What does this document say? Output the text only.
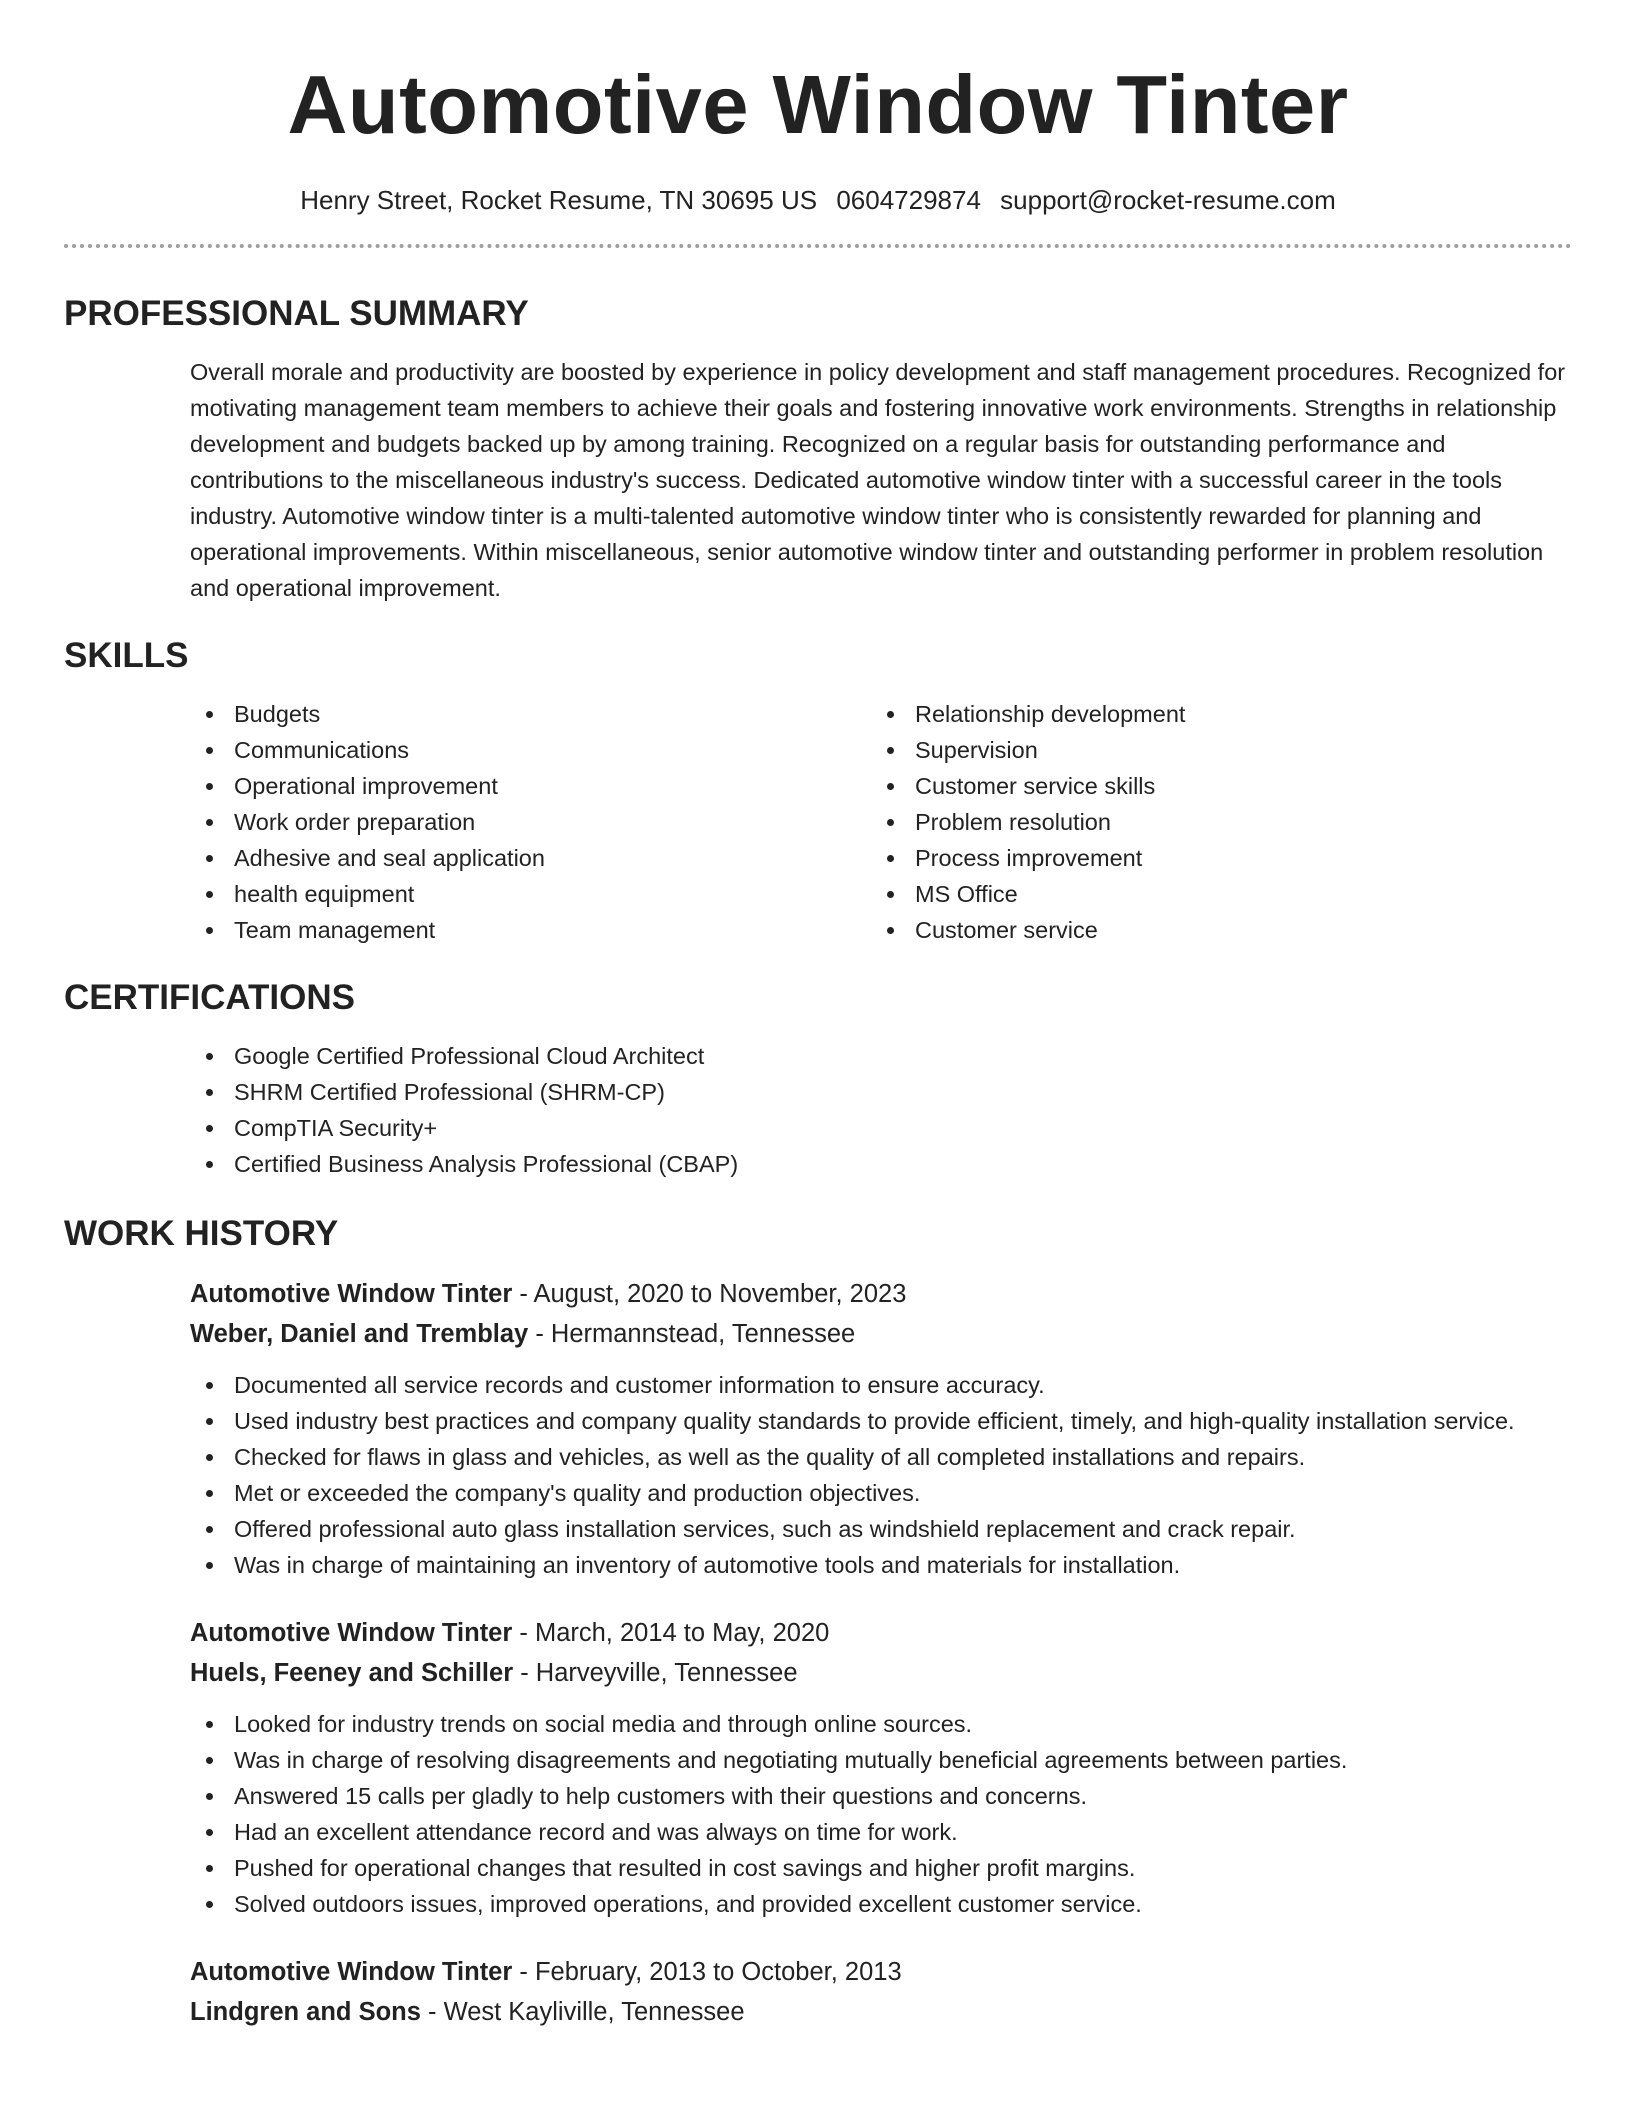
Automotive Window Tinter
Henry Street, Rocket Resume, TN 30695 US 0604729874 support@rocket-resume.com
PROFESSIONAL SUMMARY
Overall morale and productivity are boosted by experience in policy development and staff management procedures. Recognized for motivating management team members to achieve their goals and fostering innovative work environments. Strengths in relationship development and budgets backed up by among training. Recognized on a regular basis for outstanding performance and contributions to the miscellaneous industry's success. Dedicated automotive window tinter with a successful career in the tools industry. Automotive window tinter is a multi-talented automotive window tinter who is consistently rewarded for planning and operational improvements. Within miscellaneous, senior automotive window tinter and outstanding performer in problem resolution and operational improvement.
SKILLS
Budgets
Communications
Operational improvement
Work order preparation
Adhesive and seal application
health equipment
Team management
Relationship development
Supervision
Customer service skills
Problem resolution
Process improvement
MS Office
Customer service
CERTIFICATIONS
Google Certified Professional Cloud Architect
SHRM Certified Professional (SHRM-CP)
CompTIA Security+
Certified Business Analysis Professional (CBAP)
WORK HISTORY
Automotive Window Tinter - August, 2020 to November, 2023
Weber, Daniel and Tremblay - Hermannstead, Tennessee
Documented all service records and customer information to ensure accuracy.
Used industry best practices and company quality standards to provide efficient, timely, and high-quality installation service.
Checked for flaws in glass and vehicles, as well as the quality of all completed installations and repairs.
Met or exceeded the company's quality and production objectives.
Offered professional auto glass installation services, such as windshield replacement and crack repair.
Was in charge of maintaining an inventory of automotive tools and materials for installation.
Automotive Window Tinter - March, 2014 to May, 2020
Huels, Feeney and Schiller - Harveyville, Tennessee
Looked for industry trends on social media and through online sources.
Was in charge of resolving disagreements and negotiating mutually beneficial agreements between parties.
Answered 15 calls per gladly to help customers with their questions and concerns.
Had an excellent attendance record and was always on time for work.
Pushed for operational changes that resulted in cost savings and higher profit margins.
Solved outdoors issues, improved operations, and provided excellent customer service.
Automotive Window Tinter - February, 2013 to October, 2013
Lindgren and Sons - West Kayliville, Tennessee
